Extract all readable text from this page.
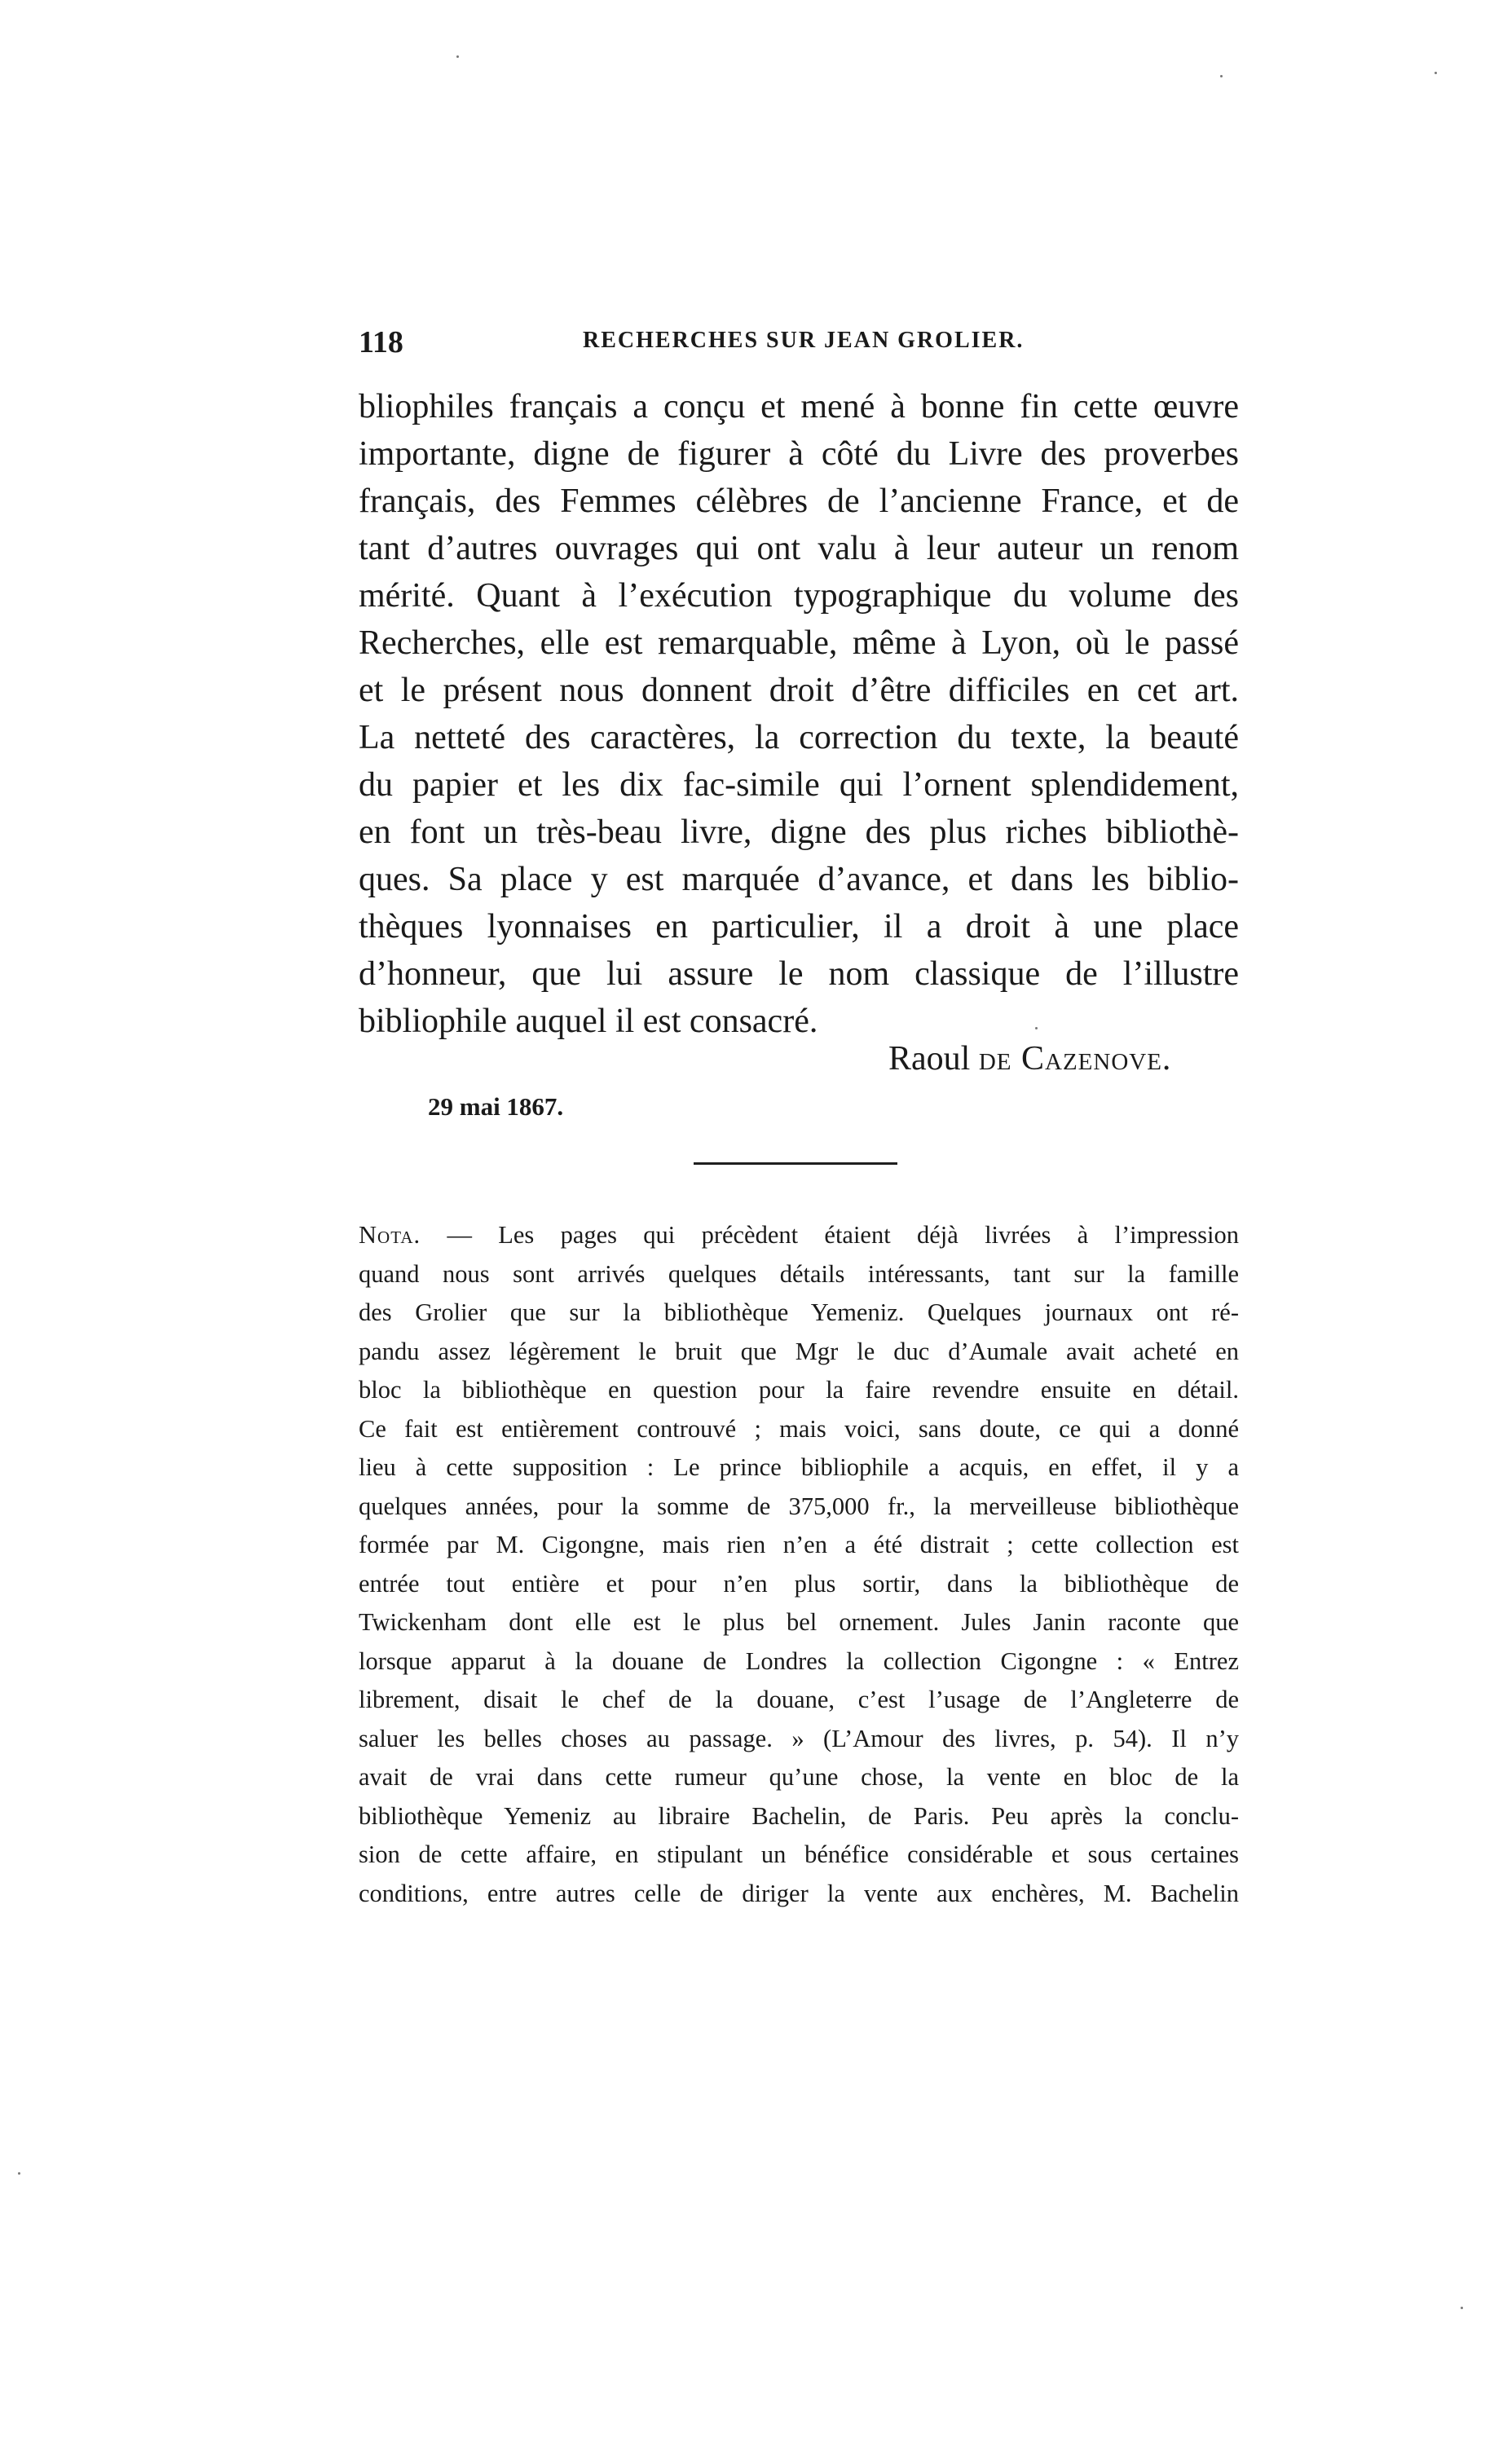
118	RECHERCHES SUR JEAN GROLIER.
bliophiles français a conçu et mené à bonne fin cette œuvre
importante, digne de figurer à côté du Livre des proverbes
français, des Femmes célèbres de l’ancienne France, et de
tant d’autres ouvrages qui ont valu à leur auteur un renom
mérité. Quant à l’exécution typographique du volume des
Recherches, elle est remarquable, même à Lyon, où le passé
et le présent nous donnent droit d’être difficiles en cet art.
La netteté des caractères, la correction du texte, la beauté
du papier et les dix fac-simile qui l’ornent splendidement,
en font un très-beau livre, digne des plus riches bibliothè-
ques. Sa place y est marquée d’avance, et dans les biblio-
thèques lyonnaises en particulier, il a droit à une place
d’honneur, que lui assure le nom classique de l’illustre
bibliophile auquel il est consacré.
Raoul de Cazenove.
29 mai 1867.
Nota. — Les pages qui précèdent étaient déjà livrées à l’impression
quand nous sont arrivés quelques détails intéressants, tant sur la famille
des Grolier que sur la bibliothèque Yemeniz. Quelques journaux ont ré-
pandu assez légèrement le bruit que Mgr le duc d’Aumale avait acheté en
bloc la bibliothèque en question pour la faire revendre ensuite en détail.
Ce fait est entièrement controuvé ; mais voici, sans doute, ce qui a donné
lieu à cette supposition : Le prince bibliophile a acquis, en effet, il y a
quelques années, pour la somme de 375,000 fr., la merveilleuse bibliothèque
formée par M. Cigongne, mais rien n’en a été distrait ; cette collection est
entrée tout entière et pour n’en plus sortir, dans la bibliothèque de
Twickenham dont elle est le plus bel ornement. Jules Janin raconte que
lorsque apparut à la douane de Londres la collection Cigongne : « Entrez
librement, disait le chef de la douane, c’est l’usage de l’Angleterre de
saluer les belles choses au passage. » (L’Amour des livres, p. 54). Il n’y
avait de vrai dans cette rumeur qu’une chose, la vente en bloc de la
bibliothèque Yemeniz au libraire Bachelin, de Paris. Peu après la conclu-
sion de cette affaire, en stipulant un bénéfice considérable et sous certaines
conditions, entre autres celle de diriger la vente aux enchères, M. Bachelin
